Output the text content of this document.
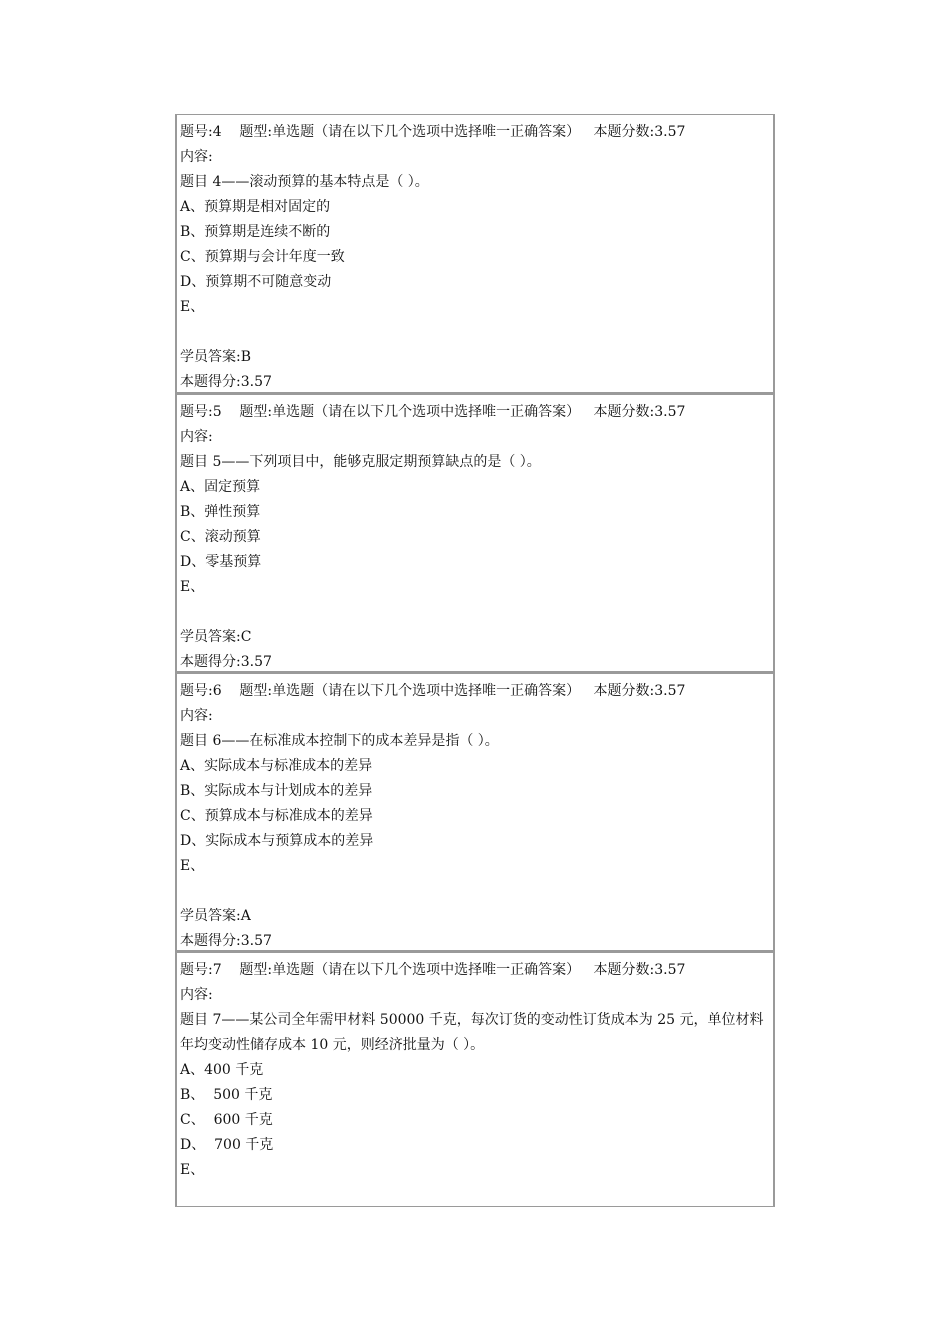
题号:4    题型:单选题（请在以下几个选项中选择唯一正确答案）   本题分数:3.57
内容:
题目 4——滚动预算的基本特点是（ ）。
A、预算期是相对固定的
B、预算期是连续不断的
C、预算期与会计年度一致
D、预算期不可随意变动
E、
学员答案:B
本题得分:3.57
题号:5    题型:单选题（请在以下几个选项中选择唯一正确答案）   本题分数:3.57
内容:
题目 5——下列项目中，能够克服定期预算缺点的是（ ）。
A、固定预算
B、弹性预算
C、滚动预算
D、零基预算
E、
学员答案:C
本题得分:3.57
题号:6    题型:单选题（请在以下几个选项中选择唯一正确答案）   本题分数:3.57
内容:
题目 6——在标准成本控制下的成本差异是指（ ）。
A、实际成本与标准成本的差异
B、实际成本与计划成本的差异
C、预算成本与标准成本的差异
D、实际成本与预算成本的差异
E、
学员答案:A
本题得分:3.57
题号:7    题型:单选题（请在以下几个选项中选择唯一正确答案）   本题分数:3.57
内容:
题目 7——某公司全年需甲材料 50000 千克，每次订货的变动性订货成本为 25 元，单位材料年均变动性储存成本 10 元，则经济批量为（ ）。
A、400 千克
B、  500 千克
C、  600 千克
D、  700 千克
E、
